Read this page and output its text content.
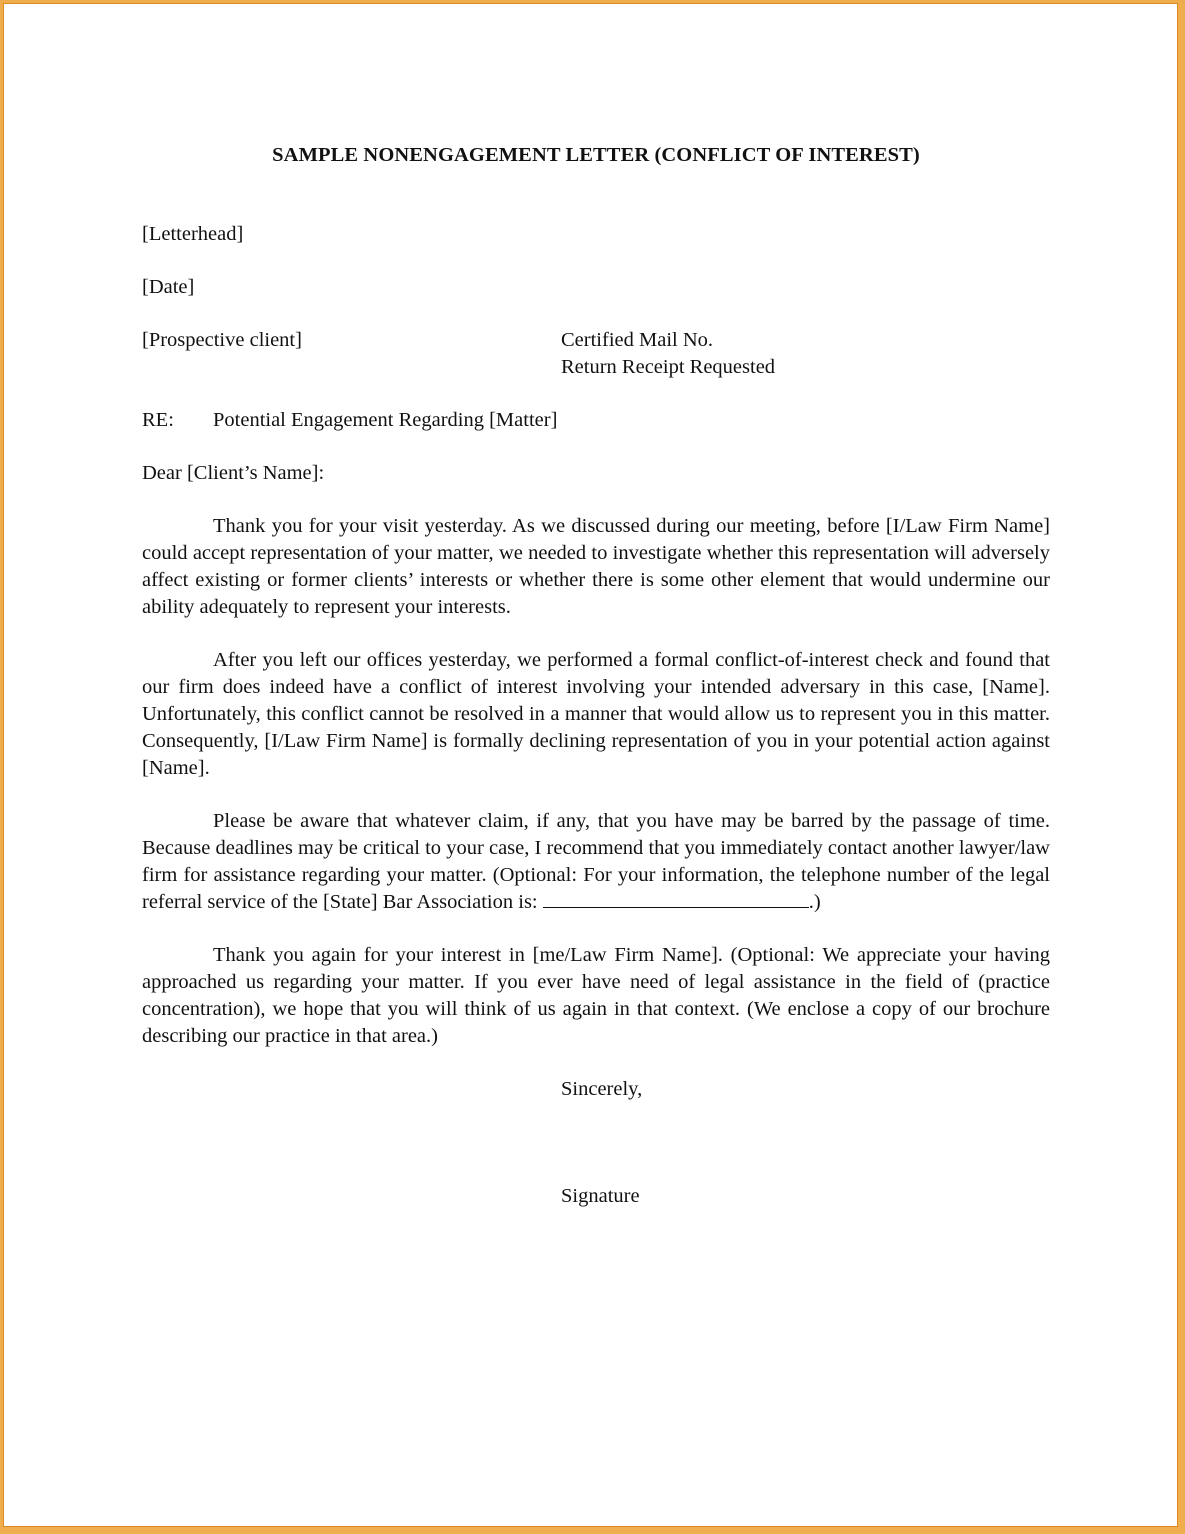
SAMPLE NONENGAGEMENT LETTER (CONFLICT OF INTEREST)
[Letterhead]
[Date]
[Prospective client]	Certified Mail No.
Return Receipt Requested
RE: Potential Engagement Regarding [Matter]
Dear [Client’s Name]:

Thank you for your visit yesterday. As we discussed during our meeting, before [I/Law Firm Name] could accept representation of your matter, we needed to investigate whether this representation will adversely affect existing or former clients’ interests or whether there is some other element that would undermine our ability adequately to represent your interests.

After you left our offices yesterday, we performed a formal conflict-of-interest check and found that our firm does indeed have a conflict of interest involving your intended adversary in this case, [Name]. Unfortunately, this conflict cannot be resolved in a manner that would allow us to represent you in this matter. Consequently, [I/Law Firm Name] is formally declining representation of you in your potential action against [Name].

Please be aware that whatever claim, if any, that you have may be barred by the passage of time. Because deadlines may be critical to your case, I recommend that you immediately contact another lawyer/law firm for assistance regarding your matter. (Optional: For your information, the telephone number of the legal referral service of the [State] Bar Association is:	.)

Thank you again for your interest in [me/Law Firm Name]. (Optional: We appreciate your having approached us regarding your matter. If you ever have need of legal assistance in the field of (practice concentration), we hope that you will think of us again in that context. (We enclose a copy of our brochure describing our practice in that area.)

Sincerely,
Signature
